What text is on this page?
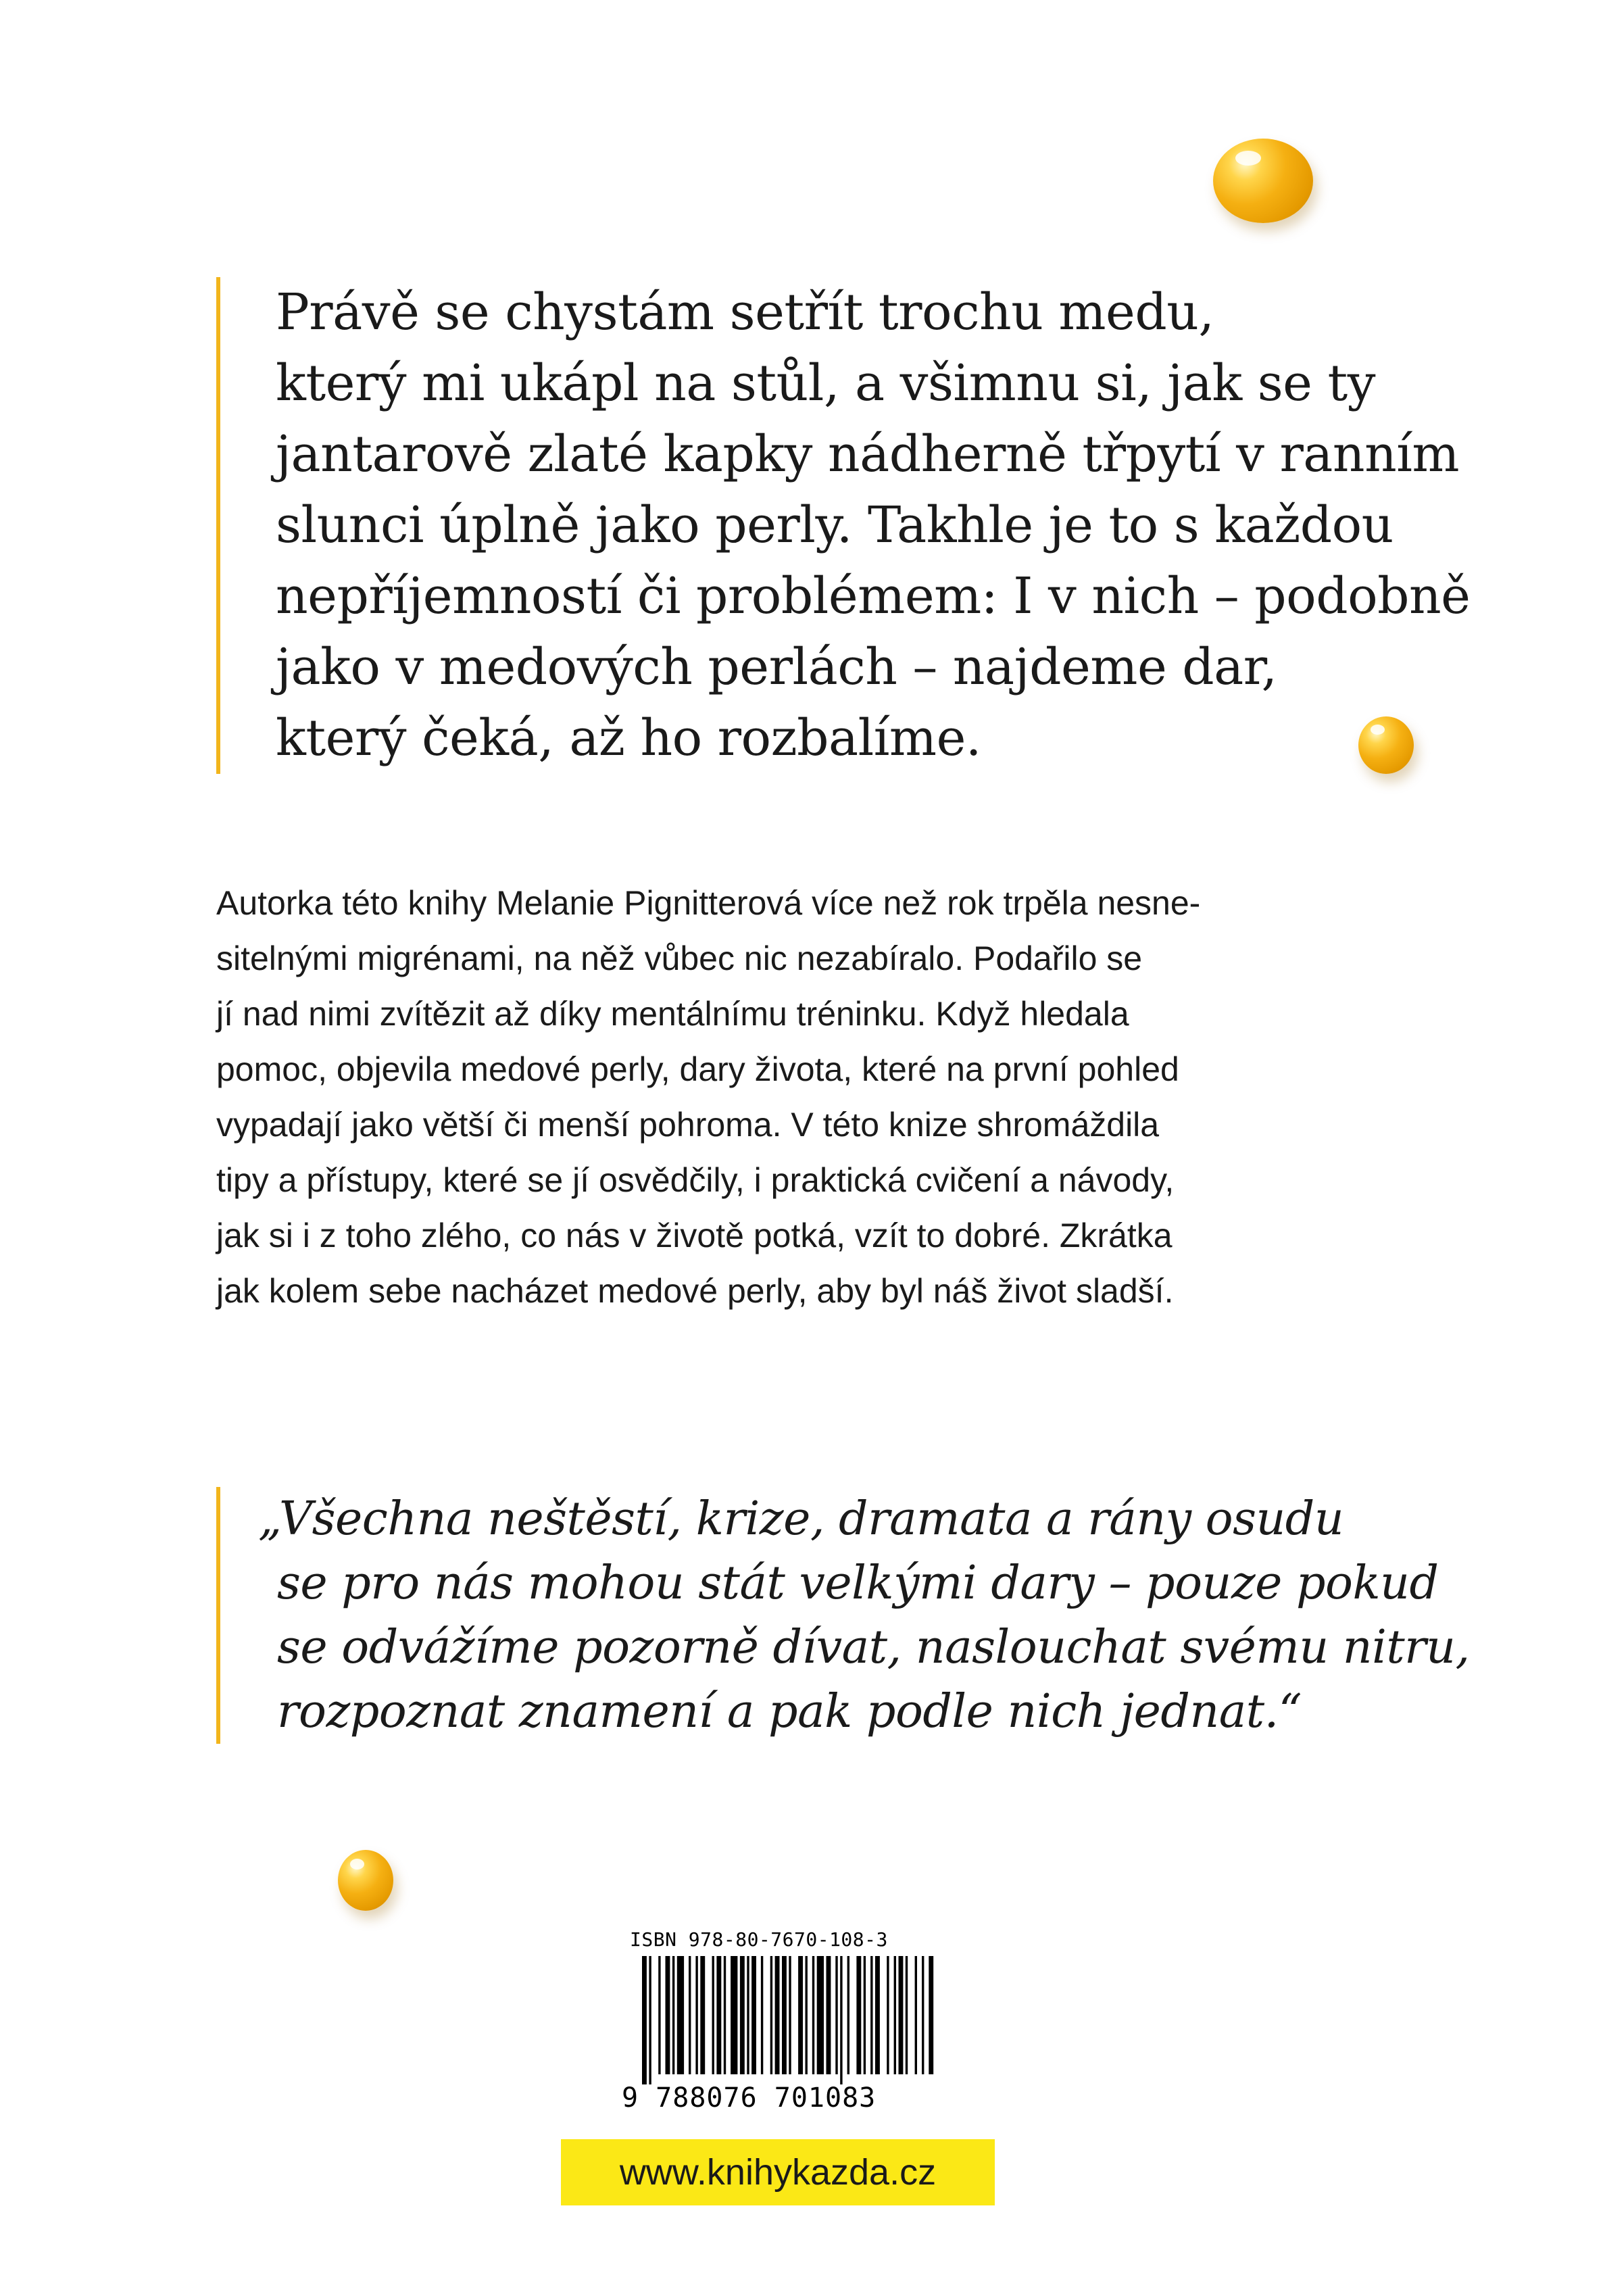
Právě se chystám setřít trochu medu,
který mi ukápl na stůl, a všimnu si, jak se ty
jantarově zlaté kapky nádherně třpytí v ranním
slunci úplně jako perly. Takhle je to s každou
nepříjemností či problémem: I v nich – podobně
jako v medových perlách – najdeme dar,
který čeká, až ho rozbalíme.
Autorka této knihy Melanie Pignitterová více než rok trpěla nesne-
sitelnými migrénami, na něž vůbec nic nezabíralo. Podařilo se
jí nad nimi zvítězit až díky mentálnímu tréninku. Když hledala
pomoc, objevila medové perly, dary života, které na první pohled
vypadají jako větší či menší pohroma. V této knize shromáždila
tipy a přístupy, které se jí osvědčily, i praktická cvičení a návody,
jak si i z toho zlého, co nás v životě potká, vzít to dobré. Zkrátka
jak kolem sebe nacházet medové perly, aby byl náš život sladší.
„Všechna neštěstí, krize, dramata a rány osudu
se pro nás mohou stát velkými dary – pouze pokud
se odvážíme pozorně dívat, naslouchat svému nitru,
rozpoznat znamení a pak podle nich jednat.“
ISBN 978-80-7670-108-3
9 788076 701083
www.knihykazda.cz
